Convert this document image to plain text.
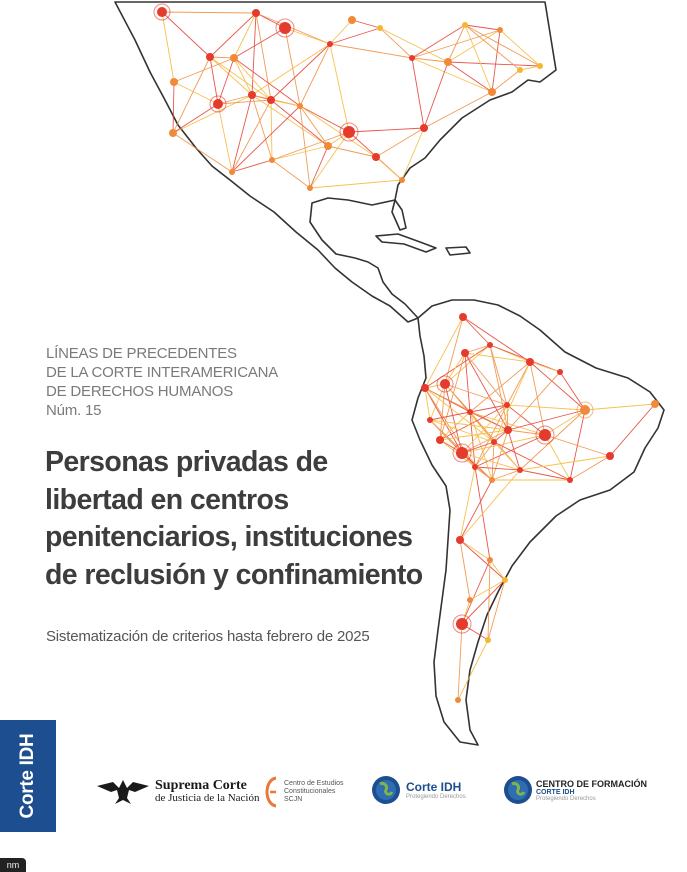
LÍNEAS DE PRECEDENTES
DE LA CORTE INTERAMERICANA
DE DERECHOS HUMANOS
Núm. 15
Personas privadas de
libertad en centros
penitenciarios, instituciones
de reclusión y confinamiento
Sistematización de criterios hasta febrero de 2025
Corte IDH	Suprema Corte
de Justicia de la Nación
Centro de Estudios
Constitucionales
SCJN
Corte IDH
Protegiendo Derechos
CENTRO DE FORMACIÓN
CORTE IDH
Protegiendo Derechos
nm
